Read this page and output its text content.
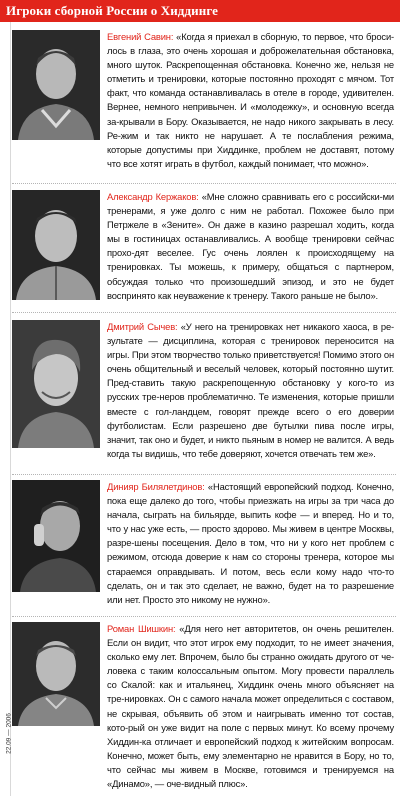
Игроки сборной России о Хиддинге
22.09 — 2006
Евгений Савин: «Когда я приехал в сборную, то первое, что броси-лось в глаза, это очень хорошая и доброжелательная обстановка, много шуток. Раскрепощенная обстановка. Конечно же, нельзя не отметить и тренировки, которые постоянно проходят с мячом. Тот факт, что команда останавливалась в отеле в городе, удивителен. Вернее, немного непривычен. И «молодежку», и основную всегда за-крывали в Бору. Оказывается, не надо никого закрывать в лесу. Ре-жим и так никто не нарушает. А те послабления режима, которые допустимы при Хиддинке, проблем не доставят, потому что все хотят играть в футбол, каждый понимает, что можно».
Александр Кержаков: «Мне сложно сравнивать его с российски-ми тренерами, я уже долго с ним не работал. Похожее было при Петржеле в «Зените». Он даже в казино разрешал ходить, когда мы в гостиницах останавливались. А вообще тренировки сейчас прохо-дят веселее. Гус очень лоялен к происходящему на тренировках. Ты можешь, к примеру, общаться с партнером, обсуждая только что произошедший эпизод, и это не будет воспринято как неуважение к тренеру. Такого раньше не было».
Дмитрий Сычев: «У него на тренировках нет никакого хаоса, в ре-зультате — дисциплина, которая с тренировок переносится на игры. При этом творчество только приветствуется! Помимо этого он очень общительный и веселый человек, который постоянно шутит. Пред-ставить такую раскрепощенную обстановку у кого-то из русских тре-неров проблематично. Те изменения, которые пришли вместе с гол-ландцем, говорят прежде всего о его доверии футболистам. Если разрешено две бутылки пива после игры, значит, так оно и будет, и никто пьяным в номер не валится. А ведь когда ты видишь, что тебе доверяют, хочется отвечать тем же».
Динияр Билялетдинов: «Настоящий европейский подход. Конечно, пока еще далеко до того, чтобы приезжать на игры за три часа до начала, сыграть на бильярде, выпить кофе — и вперед. Но и то, что у нас уже есть, — просто здорово. Мы живем в центре Москвы, разре-шены посещения. Дело в том, что ни у кого нет проблем с режимом, отсюда доверие к нам со стороны тренера, которое мы стараемся оправдывать. И потом, весь если кому надо что-то сделать, он и так это сделает, не важно, будет на то разрешение или нет. Просто это никому не нужно».
Роман Шишкин: «Для него нет авторитетов, он очень решителен. Если он видит, что этот игрок ему подходит, то не имеет значения, сколько ему лет. Впрочем, было бы странно ожидать другого от че-ловека с таким колоссальным опытом. Могу провести параллель со Скалой: как и итальянец, Хиддинк очень много объясняет на тре-нировках. Он с самого начала может определиться с составом, не скрывая, объявить об этом и наигрывать именно тот состав, кото-рый он уже видит на поле с первых минут. Ко всему прочему Хиддин-ка отличает и европейский подход к житейским вопросам. Конечно, может быть, ему элементарно не нравится в Бору, но то, что сейчас мы живем в Москве, готовимся и тренируемся на «Динамо», — оче-видный плюс».
